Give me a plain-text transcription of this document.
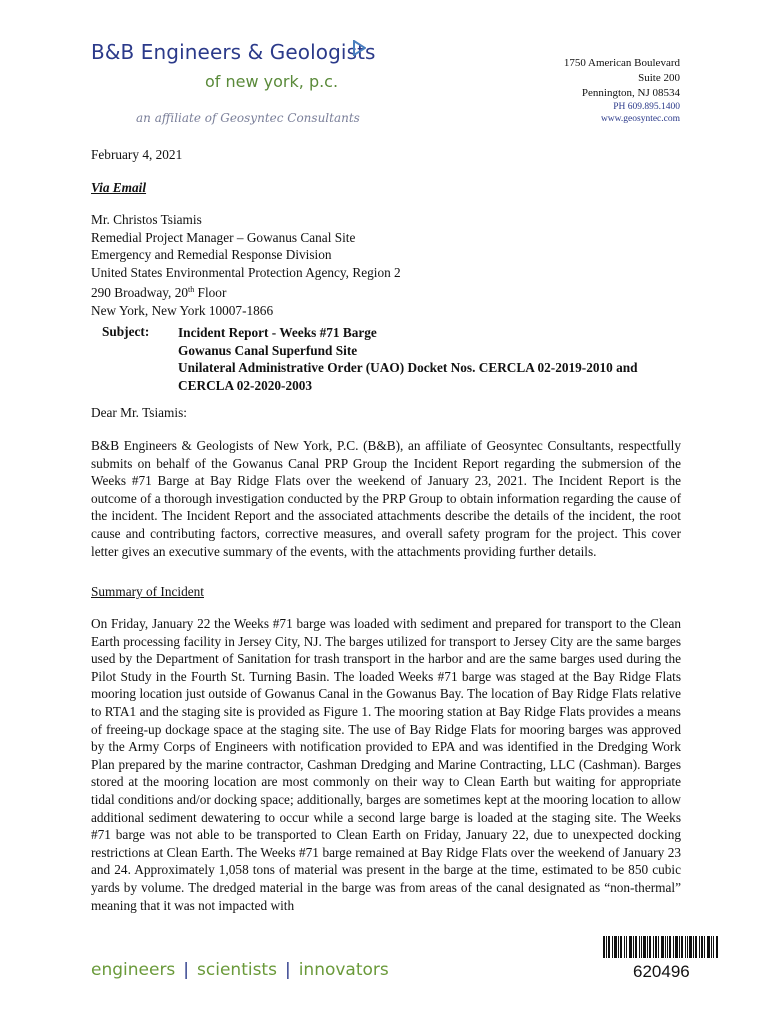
B&B Engineers & Geologists
of new york, p.c.
an affiliate of Geosyntec Consultants
1750 American Boulevard
Suite 200
Pennington, NJ 08534
PH 609.895.1400
www.geosyntec.com
February 4, 2021
Via Email
Mr. Christos Tsiamis
Remedial Project Manager – Gowanus Canal Site
Emergency and Remedial Response Division
United States Environmental Protection Agency, Region 2
290 Broadway, 20th Floor
New York, New York 10007-1866
Subject: Incident Report - Weeks #71 Barge
Gowanus Canal Superfund Site
Unilateral Administrative Order (UAO) Docket Nos. CERCLA 02-2019-2010 and
CERCLA 02-2020-2003
Dear Mr. Tsiamis:
B&B Engineers & Geologists of New York, P.C. (B&B), an affiliate of Geosyntec Consultants, respectfully submits on behalf of the Gowanus Canal PRP Group the Incident Report regarding the submersion of the Weeks #71 Barge at Bay Ridge Flats over the weekend of January 23, 2021. The Incident Report is the outcome of a thorough investigation conducted by the PRP Group to obtain information regarding the cause of the incident. The Incident Report and the associated attachments describe the details of the incident, the root cause and contributing factors, corrective measures, and overall safety program for the project. This cover letter gives an executive summary of the events, with the attachments providing further details.
Summary of Incident
On Friday, January 22 the Weeks #71 barge was loaded with sediment and prepared for transport to the Clean Earth processing facility in Jersey City, NJ. The barges utilized for transport to Jersey City are the same barges used by the Department of Sanitation for trash transport in the harbor and are the same barges used during the Pilot Study in the Fourth St. Turning Basin. The loaded Weeks #71 barge was staged at the Bay Ridge Flats mooring location just outside of Gowanus Canal in the Gowanus Bay. The location of Bay Ridge Flats relative to RTA1 and the staging site is provided as Figure 1. The mooring station at Bay Ridge Flats provides a means of freeing-up dockage space at the staging site. The use of Bay Ridge Flats for mooring barges was approved by the Army Corps of Engineers with notification provided to EPA and was identified in the Dredging Work Plan prepared by the marine contractor, Cashman Dredging and Marine Contracting, LLC (Cashman). Barges stored at the mooring location are most commonly on their way to Clean Earth but waiting for appropriate tidal conditions and/or docking space; additionally, barges are sometimes kept at the mooring location to allow additional sediment dewatering to occur while a second large barge is loaded at the staging site. The Weeks #71 barge was not able to be transported to Clean Earth on Friday, January 22, due to unexpected docking restrictions at Clean Earth. The Weeks #71 barge remained at Bay Ridge Flats over the weekend of January 23 and 24. Approximately 1,058 tons of material was present in the barge at the time, estimated to be 850 cubic yards by volume. The dredged material in the barge was from areas of the canal designated as “non-thermal” meaning that it was not impacted with
engineers | scientists | innovators	620496
